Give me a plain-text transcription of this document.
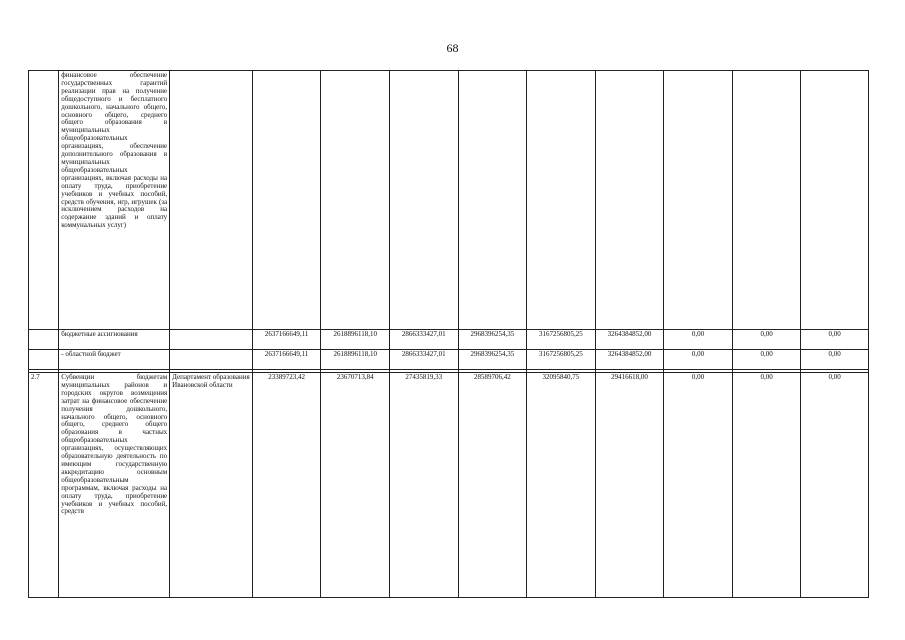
68
	финансовое обеспечение государственных гарантий реализации прав на получение общедоступного и бесплатного дошкольного, начального общего, основного общего, среднего общего образования в муниципальных общеобразовательных организациях, обеспечение дополнительного образования в муниципальных общеобразовательных организациях, включая расходы на оплату труда, приобретение учебников и учебных пособий, средств обучения, игр, игрушек (за исключением расходов на содержание зданий и оплату коммунальных услуг)										
	бюджетные ассигнования		2637166649,11	2618896118,10	2866333427,01	2968396254,35	3167256805,25	3264384852,00	0,00	0,00	0,00
	- областной бюджет		2637166649,11	2618896118,10	2866333427,01	2968396254,35	3167256805,25	3264384852,00	0,00	0,00	0,00

2.7	Субвенции бюджетам муниципальных районов и городских округов возмещения затрат на финансовое обеспечение получения дошкольного, начального общего, основного общего, среднего общего образования в частных общеобразовательных организациях, осуществляющих образовательную деятельность по имеющим государственную аккредитацию основным общеобразовательным программам, включая расходы на оплату труда, приобретение учебников и учебных пособий, средств	Департамент образования Ивановской области	23389723,42	23670713,84	27435819,33	28589706,42	32095840,75	29416618,00	0,00	0,00	0,00
